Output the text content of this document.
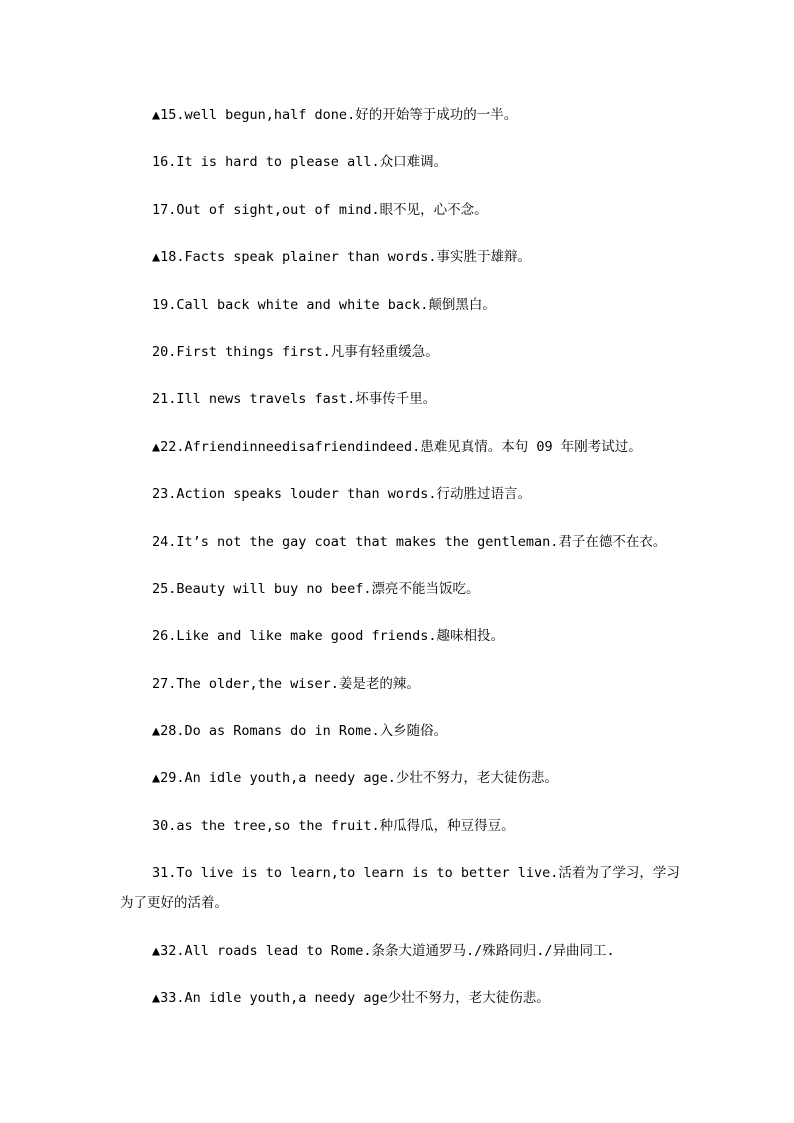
▲15.well begun,half done.好的开始等于成功的一半。
16.It is hard to please all.众口难调。
17.Out of sight,out of mind.眼不见，心不念。
▲18.Facts speak plainer than words.事实胜于雄辩。
19.Call back white and white back.颠倒黑白。
20.First things first.凡事有轻重缓急。
21.Ill news travels fast.坏事传千里。
▲22.Afriendinneedisafriendindeed.患难见真情。本句 09 年刚考试过。
23.Action speaks louder than words.行动胜过语言。
24.It’s not the gay coat that makes the gentleman.君子在德不在衣。
25.Beauty will buy no beef.漂亮不能当饭吃。
26.Like and like make good friends.趣味相投。
27.The older,the wiser.姜是老的辣。
▲28.Do as Romans do in Rome.入乡随俗。
▲29.An idle youth,a needy age.少壮不努力，老大徒伤悲。
30.as the tree,so the fruit.种瓜得瓜，种豆得豆。
31.To live is to learn,to learn is to better live.活着为了学习，学习为了更好的活着。
▲32.All roads lead to Rome.条条大道通罗马./殊路同归./异曲同工.
▲33.An idle youth,a needy age少壮不努力，老大徒伤悲。
